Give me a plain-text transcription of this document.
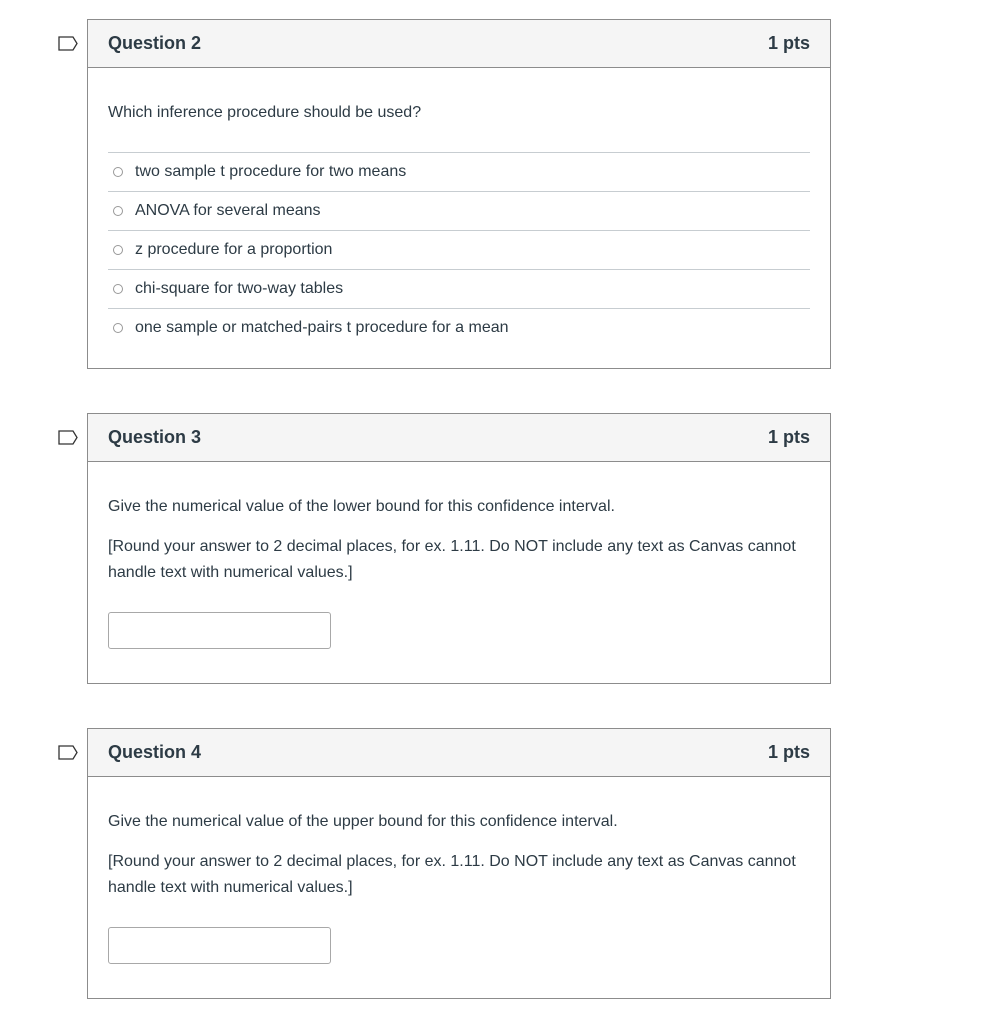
Question 2	1 pts
Which inference procedure should be used?
two sample t procedure for two means
ANOVA for several means
z procedure for a proportion
chi-square for two-way tables
one sample or matched-pairs t procedure for a mean
Question 3	1 pts
Give the numerical value of the lower bound for this confidence interval.
[Round your answer to 2 decimal places, for ex. 1.11. Do NOT include any text as Canvas cannot handle text with numerical values.]
Question 4	1 pts
Give the numerical value of the upper bound for this confidence interval.
[Round your answer to 2 decimal places, for ex. 1.11. Do NOT include any text as Canvas cannot handle text with numerical values.]
